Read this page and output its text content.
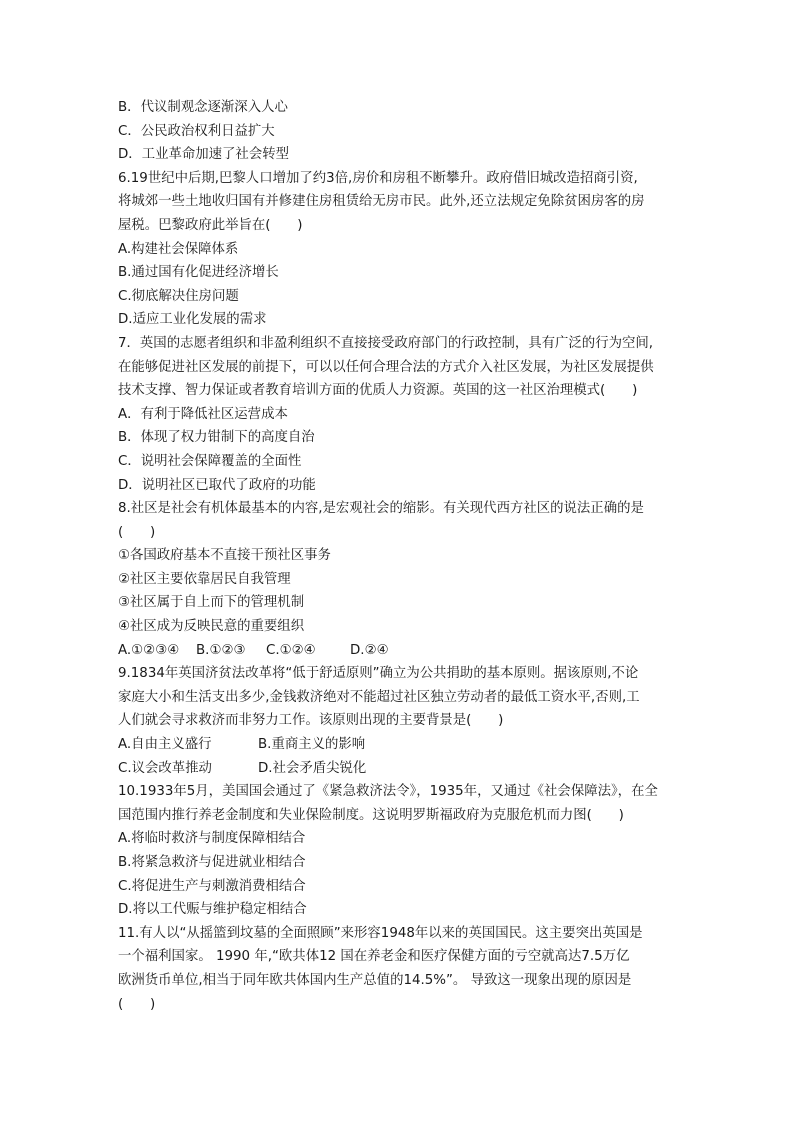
B．代议制观念逐渐深入人心
C．公民政治权利日益扩大
D．工业革命加速了社会转型
6.19世纪中后期,巴黎人口增加了约3倍,房价和房租不断攀升。政府借旧城改造招商引资,
将城郊一些土地收归国有并修建住房租赁给无房市民。此外,还立法规定免除贫困房客的房
屋税。巴黎政府此举旨在(　　)
A.构建社会保障体系
B.通过国有化促进经济增长
C.彻底解决住房问题
D.适应工业化发展的需求
7．英国的志愿者组织和非盈利组织不直接接受政府部门的行政控制，具有广泛的行为空间,
在能够促进社区发展的前提下，可以以任何合理合法的方式介入社区发展，为社区发展提供
技术支撑、智力保证或者教育培训方面的优质人力资源。英国的这一社区治理模式(　　)
A．有利于降低社区运营成本
B．体现了权力钳制下的高度自治
C．说明社会保障覆盖的全面性
D．说明社区已取代了政府的功能
8.社区是社会有机体最基本的内容,是宏观社会的缩影。有关现代西方社区的说法正确的是
(　　)
①各国政府基本不直接干预社区事务
②社区主要依靠居民自我管理
③社区属于自上而下的管理机制
④社区成为反映民意的重要组织
A.①②③④	B.①②③	C.①②④	D.②④
9.1834年英国济贫法改革将“低于舒适原则”确立为公共捐助的基本原则。据该原则,不论
家庭大小和生活支出多少,金钱救济绝对不能超过社区独立劳动者的最低工资水平,否则,工
人们就会寻求救济而非努力工作。该原则出现的主要背景是(　　)
A.自由主义盛行	B.重商主义的影响
C.议会改革推动	D.社会矛盾尖锐化
10.1933年5月，美国国会通过了《紧急救济法令》，1935年，又通过《社会保障法》，在全
国范围内推行养老金制度和失业保险制度。这说明罗斯福政府为克服危机而力图(　　)
A.将临时救济与制度保障相结合
B.将紧急救济与促进就业相结合
C.将促进生产与刺激消费相结合
D.将以工代赈与维护稳定相结合
11.有人以“从摇篮到坟墓的全面照顾”来形容1948年以来的英国国民。这主要突出英国是
一个福利国家。 1990 年,“欧共体12 国在养老金和医疗保健方面的亏空就高达7.5万亿
欧洲货币单位,相当于同年欧共体国内生产总值的14.5%”。 导致这一现象出现的原因是
(　　)
